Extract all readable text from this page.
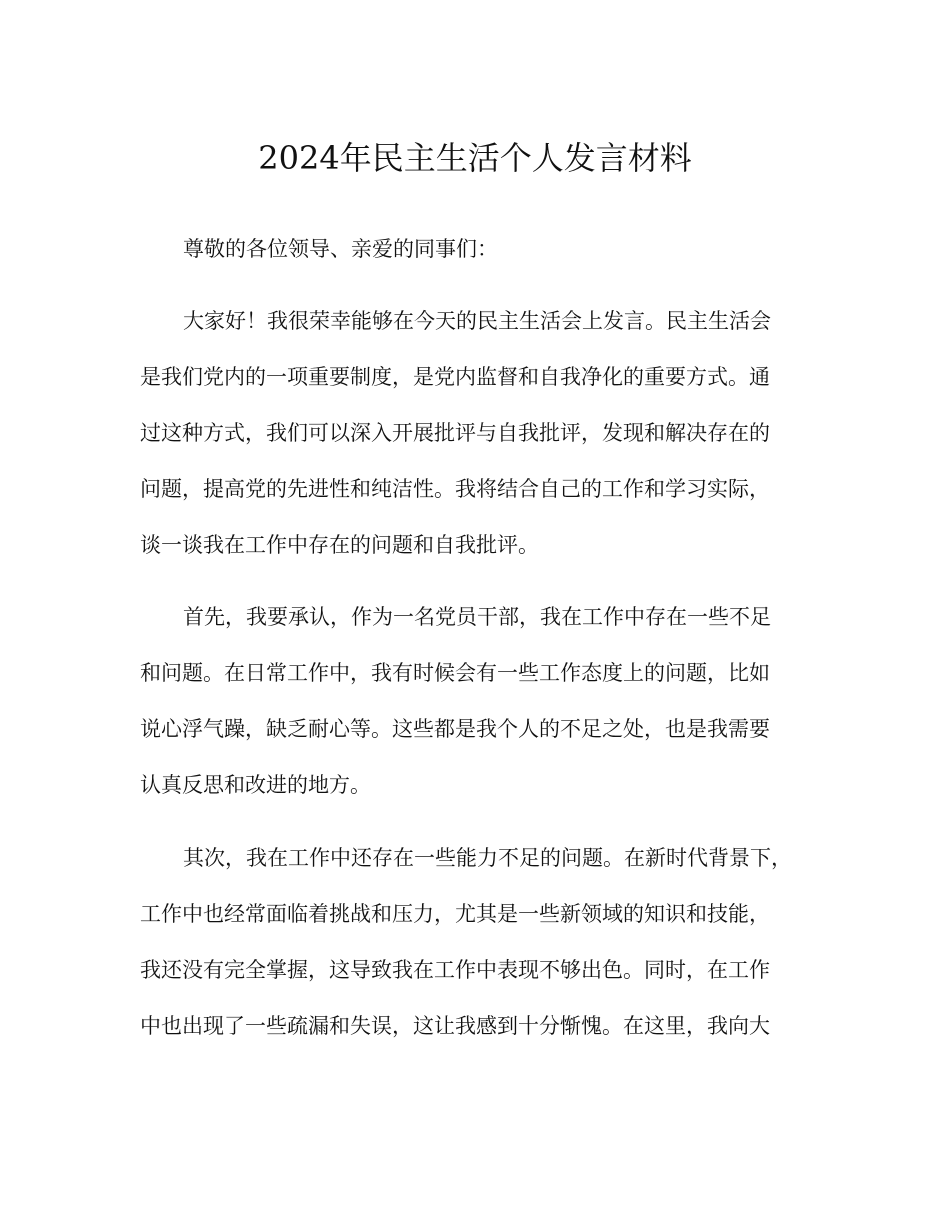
2024年民主生活个人发言材料
尊敬的各位领导、亲爱的同事们：
大家好！我很荣幸能够在今天的民主生活会上发言。民主生活会
是我们党内的一项重要制度，是党内监督和自我净化的重要方式。通
过这种方式，我们可以深入开展批评与自我批评，发现和解决存在的
问题，提高党的先进性和纯洁性。我将结合自己的工作和学习实际，
谈一谈我在工作中存在的问题和自我批评。
首先，我要承认，作为一名党员干部，我在工作中存在一些不足
和问题。在日常工作中，我有时候会有一些工作态度上的问题，比如
说心浮气躁，缺乏耐心等。这些都是我个人的不足之处，也是我需要
认真反思和改进的地方。
其次，我在工作中还存在一些能力不足的问题。在新时代背景下，
工作中也经常面临着挑战和压力，尤其是一些新领域的知识和技能，
我还没有完全掌握，这导致我在工作中表现不够出色。同时，在工作
中也出现了一些疏漏和失误，这让我感到十分惭愧。在这里，我向大
